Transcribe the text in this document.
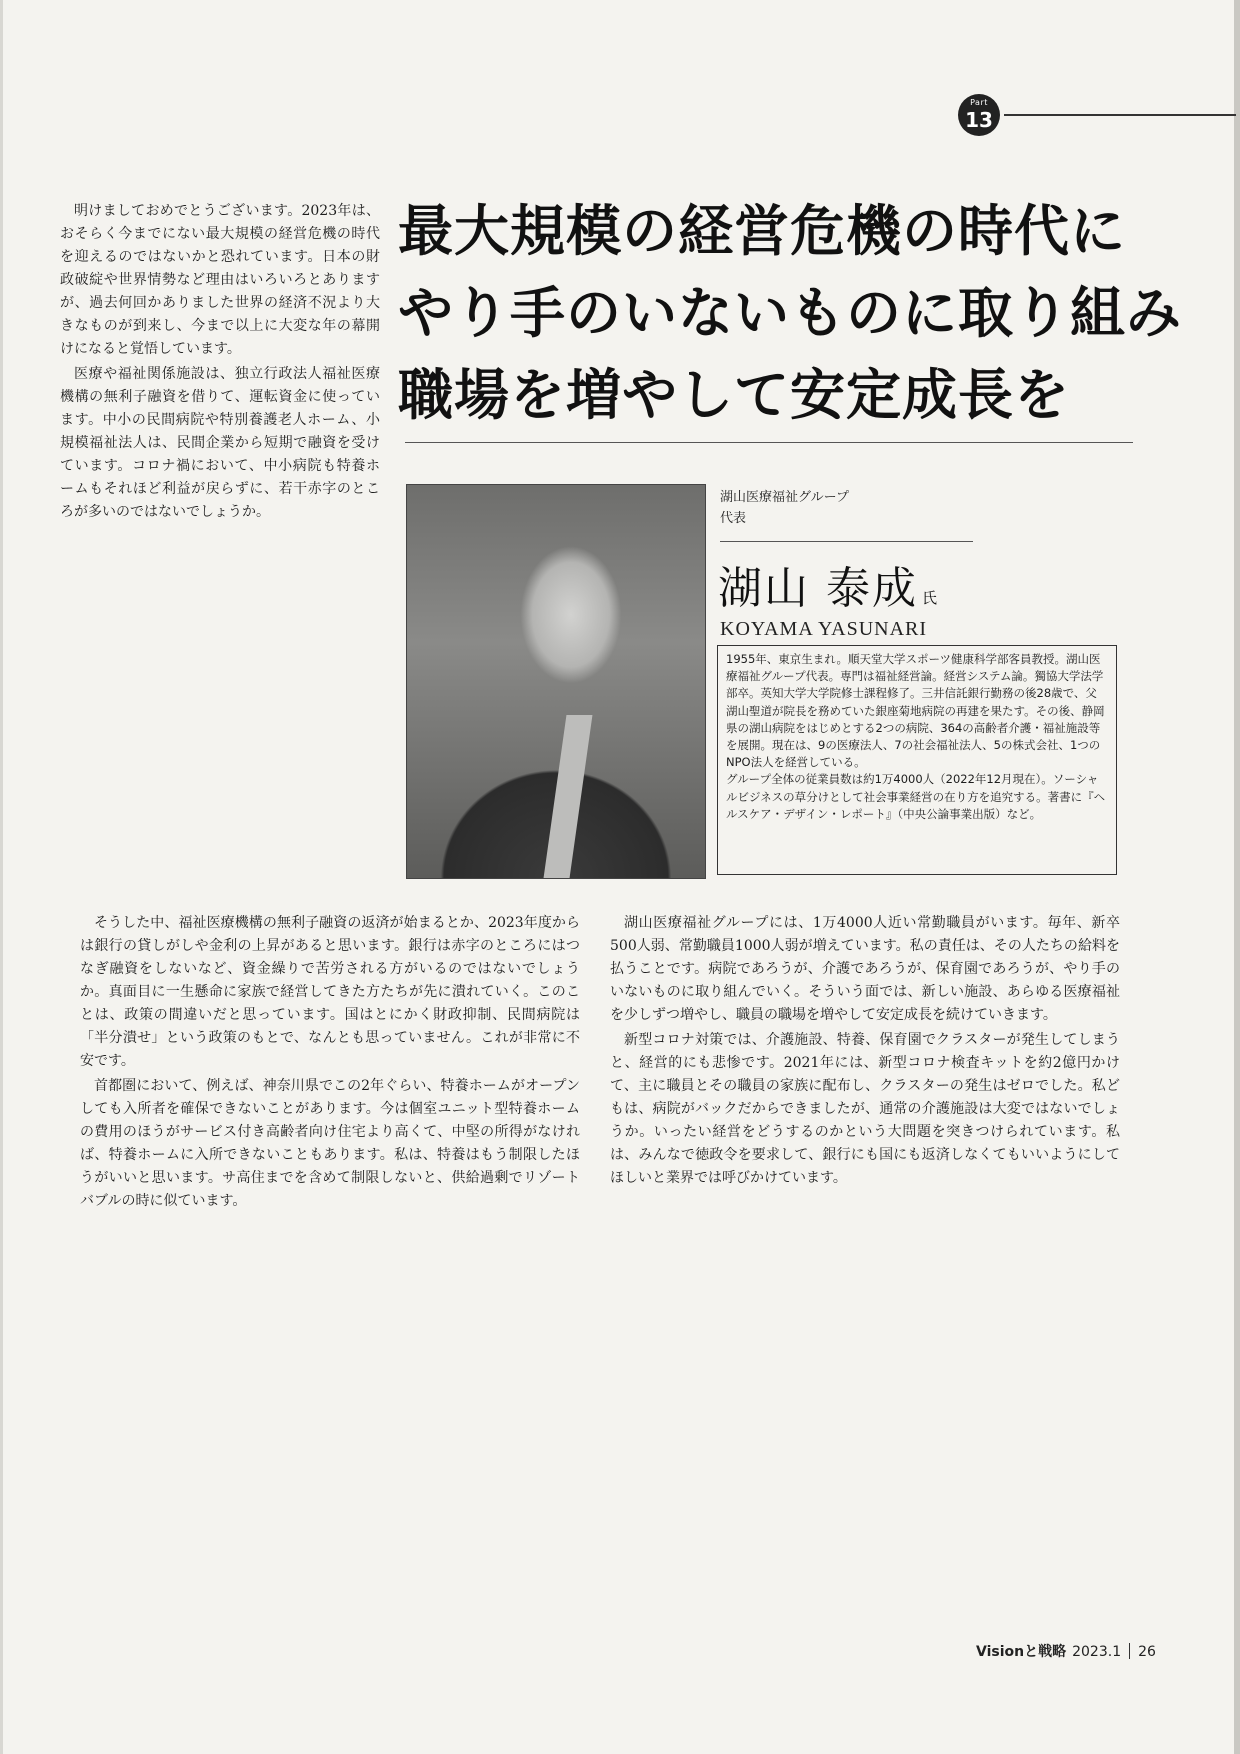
Part
13
最大規模の経営危機の時代に
やり手のいないものに取り組み
職場を増やして安定成長を
湖山医療福祉グループ
代表
湖山 泰成 氏
KOYAMA YASUNARI
1955年、東京生まれ。順天堂大学スポーツ健康科学部客員教授。湖山医療福祉グループ代表。専門は福祉経営論。経営システム論。獨協大学法学部卒。英知大学大学院修士課程修了。三井信託銀行勤務の後28歳で、父湖山聖道が院長を務めていた銀座菊地病院の再建を果たす。その後、静岡県の湖山病院をはじめとする2つの病院、364の高齢者介護・福祉施設等を展開。現在は、9の医療法人、7の社会福祉法人、5の株式会社、1つのNPO法人を経営している。
グループ全体の従業員数は約1万4000人（2022年12月現在）。ソーシャルビジネスの草分けとして社会事業経営の在り方を追究する。著書に『ヘルスケア・デザイン・レポート』（中央公論事業出版）など。

明けましておめでとうございます。2023年は、おそらく今までにない最大規模の経営危機の時代を迎えるのではないかと恐れています。日本の財政破綻や世界情勢など理由はいろいろとありますが、過去何回かありました世界の経済不況より大きなものが到来し、今まで以上に大変な年の幕開けになると覚悟しています。

医療や福祉関係施設は、独立行政法人福祉医療機構の無利子融資を借りて、運転資金に使っています。中小の民間病院や特別養護老人ホーム、小規模福祉法人は、民間企業から短期で融資を受けています。コロナ禍において、中小病院も特養ホームもそれほど利益が戻らずに、若干赤字のところが多いのではないでしょうか。

そうした中、福祉医療機構の無利子融資の返済が始まるとか、2023年度からは銀行の貸しがしや金利の上昇があると思います。銀行は赤字のところにはつなぎ融資をしないなど、資金繰りで苦労される方がいるのではないでしょうか。真面目に一生懸命に家族で経営してきた方たちが先に潰れていく。このことは、政策の間違いだと思っています。国はとにかく財政抑制、民間病院は「半分潰せ」という政策のもとで、なんとも思っていません。これが非常に不安です。

首都圏において、例えば、神奈川県でこの2年ぐらい、特養ホームがオープンしても入所者を確保できないことがあります。今は個室ユニット型特養ホームの費用のほうがサービス付き高齢者向け住宅より高くて、中堅の所得がなければ、特養ホームに入所できないこともあります。私は、特養はもう制限したほうがいいと思います。サ高住までを含めて制限しないと、供給過剰でリゾートバブルの時に似ています。

湖山医療福祉グループには、1万4000人近い常勤職員がいます。毎年、新卒500人弱、常勤職員1000人弱が増えています。私の責任は、その人たちの給料を払うことです。病院であろうが、介護であろうが、保育園であろうが、やり手のいないものに取り組んでいく。そういう面では、新しい施設、あらゆる医療福祉を少しずつ増やし、職員の職場を増やして安定成長を続けていきます。

新型コロナ対策では、介護施設、特養、保育園でクラスターが発生してしまうと、経営的にも悲惨です。2021年には、新型コロナ検査キットを約2億円かけて、主に職員とその職員の家族に配布し、クラスターの発生はゼロでした。私どもは、病院がバックだからできましたが、通常の介護施設は大変ではないでしょうか。いったい経営をどうするのかという大問題を突きつけられています。私は、みんなで徳政令を要求して、銀行にも国にも返済しなくてもいいようにしてほしいと業界では呼びかけています。

Visionと戦略 2023.1 26
